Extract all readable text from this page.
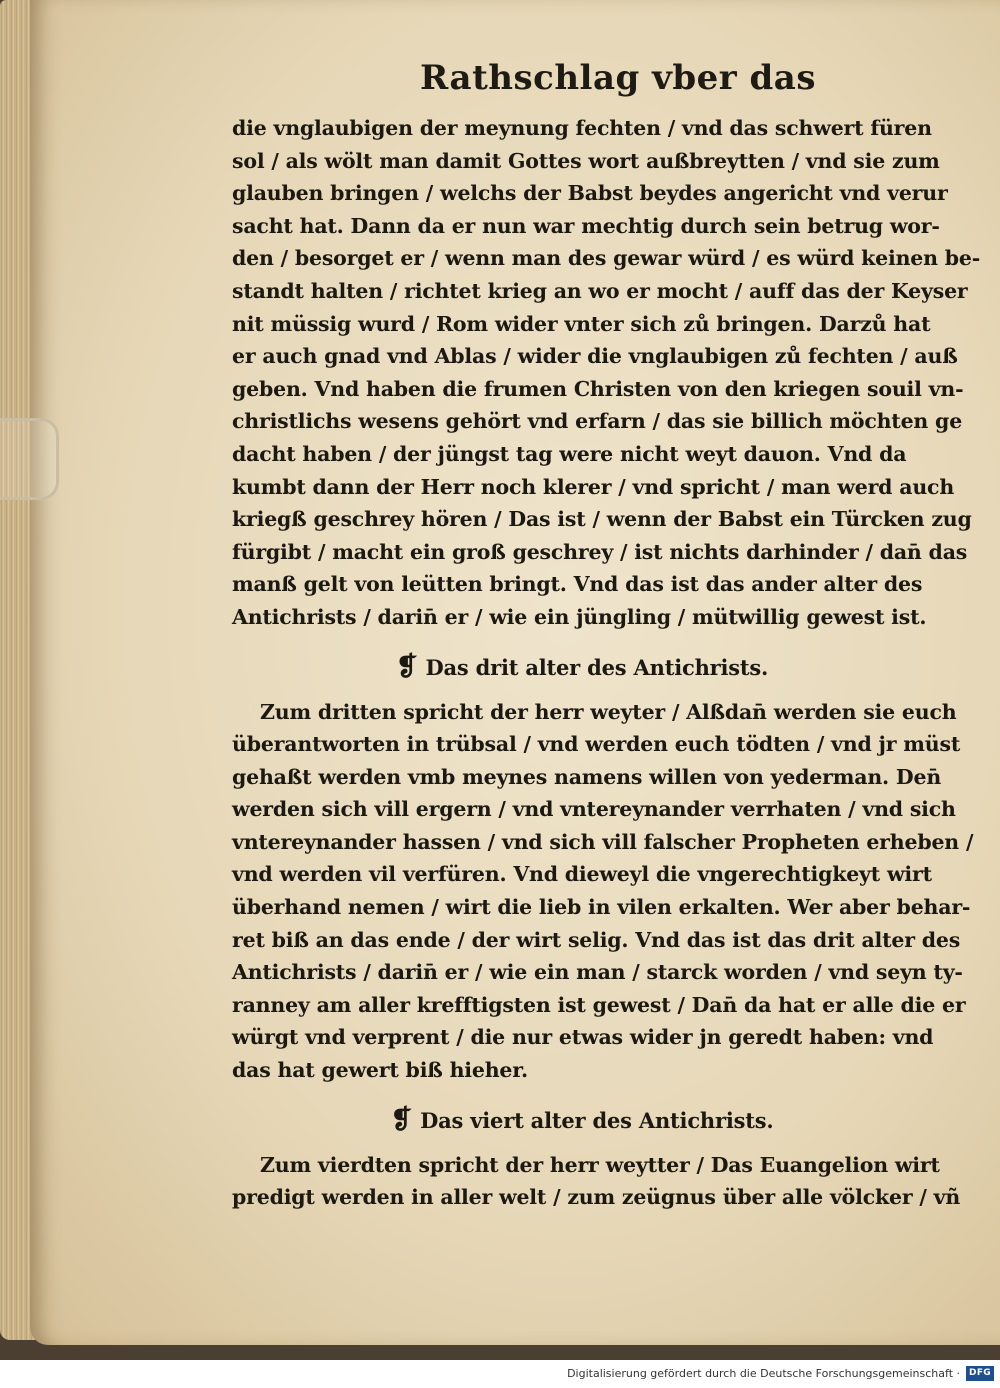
Rathschlag vber das
die vnglaubigen der meynung fechten / vnd das schwert füren
sol / als wölt man damit Gottes wort außbreytten / vnd sie zum
glauben bringen / welchs der Babst beydes angericht vnd verur
sacht hat. Dann da er nun war mechtig durch sein betrug wor-
den / besorget er / wenn man des gewar würd / es würd keinen be-
standt halten / richtet krieg an wo er mocht / auff das der Keyser
nit müssig wurd / Rom wider vnter sich zů bringen. Darzů hat
er auch gnad vnd Ablas / wider die vnglaubigen zů fechten / auß
geben. Vnd haben die frumen Christen von den kriegen souil vn-
christlichs wesens gehört vnd erfarn / das sie billich möchten ge
dacht haben / der jüngst tag were nicht weyt dauon. Vnd da
kumbt dann der Herr noch klerer / vnd spricht / man werd auch
kriegß geschrey hören / Das ist / wenn der Babst ein Türcken zug
fürgibt / macht ein groß geschrey / ist nichts darhinder / dan̄ das
manß gelt von leütten bringt. Vnd das ist das ander alter des
Antichrists / darin̄ er / wie ein jüngling / mütwillig gewest ist.
❡ Das drit alter des Antichrists.
Zum dritten spricht der herr weyter / Alßdan̄ werden sie euch
überantworten in trübsal / vnd werden euch tödten / vnd jr müst
gehaßt werden vmb meynes namens willen von yederman. Den̄
werden sich vill ergern / vnd vntereynander verrhaten / vnd sich
vntereynander hassen / vnd sich vill falscher Propheten erheben /
vnd werden vil verfüren. Vnd dieweyl die vngerechtigkeyt wirt
überhand nemen / wirt die lieb in vilen erkalten. Wer aber behar-
ret biß an das ende / der wirt selig. Vnd das ist das drit alter des
Antichrists / darin̄ er / wie ein man / starck worden / vnd seyn ty-
ranney am aller krefftigsten ist gewest / Dan̄ da hat er alle die er
würgt vnd verprent / die nur etwas wider jn geredt haben: vnd
das hat gewert biß hieher.
❡ Das viert alter des Antichrists.
Zum vierdten spricht der herr weytter / Das Euangelion wirt
predigt werden in aller welt / zum zeügnus über alle völcker / vñ
Digitalisierung gefördert durch die Deutsche Forschungsgemeinschaft ·	DFG
